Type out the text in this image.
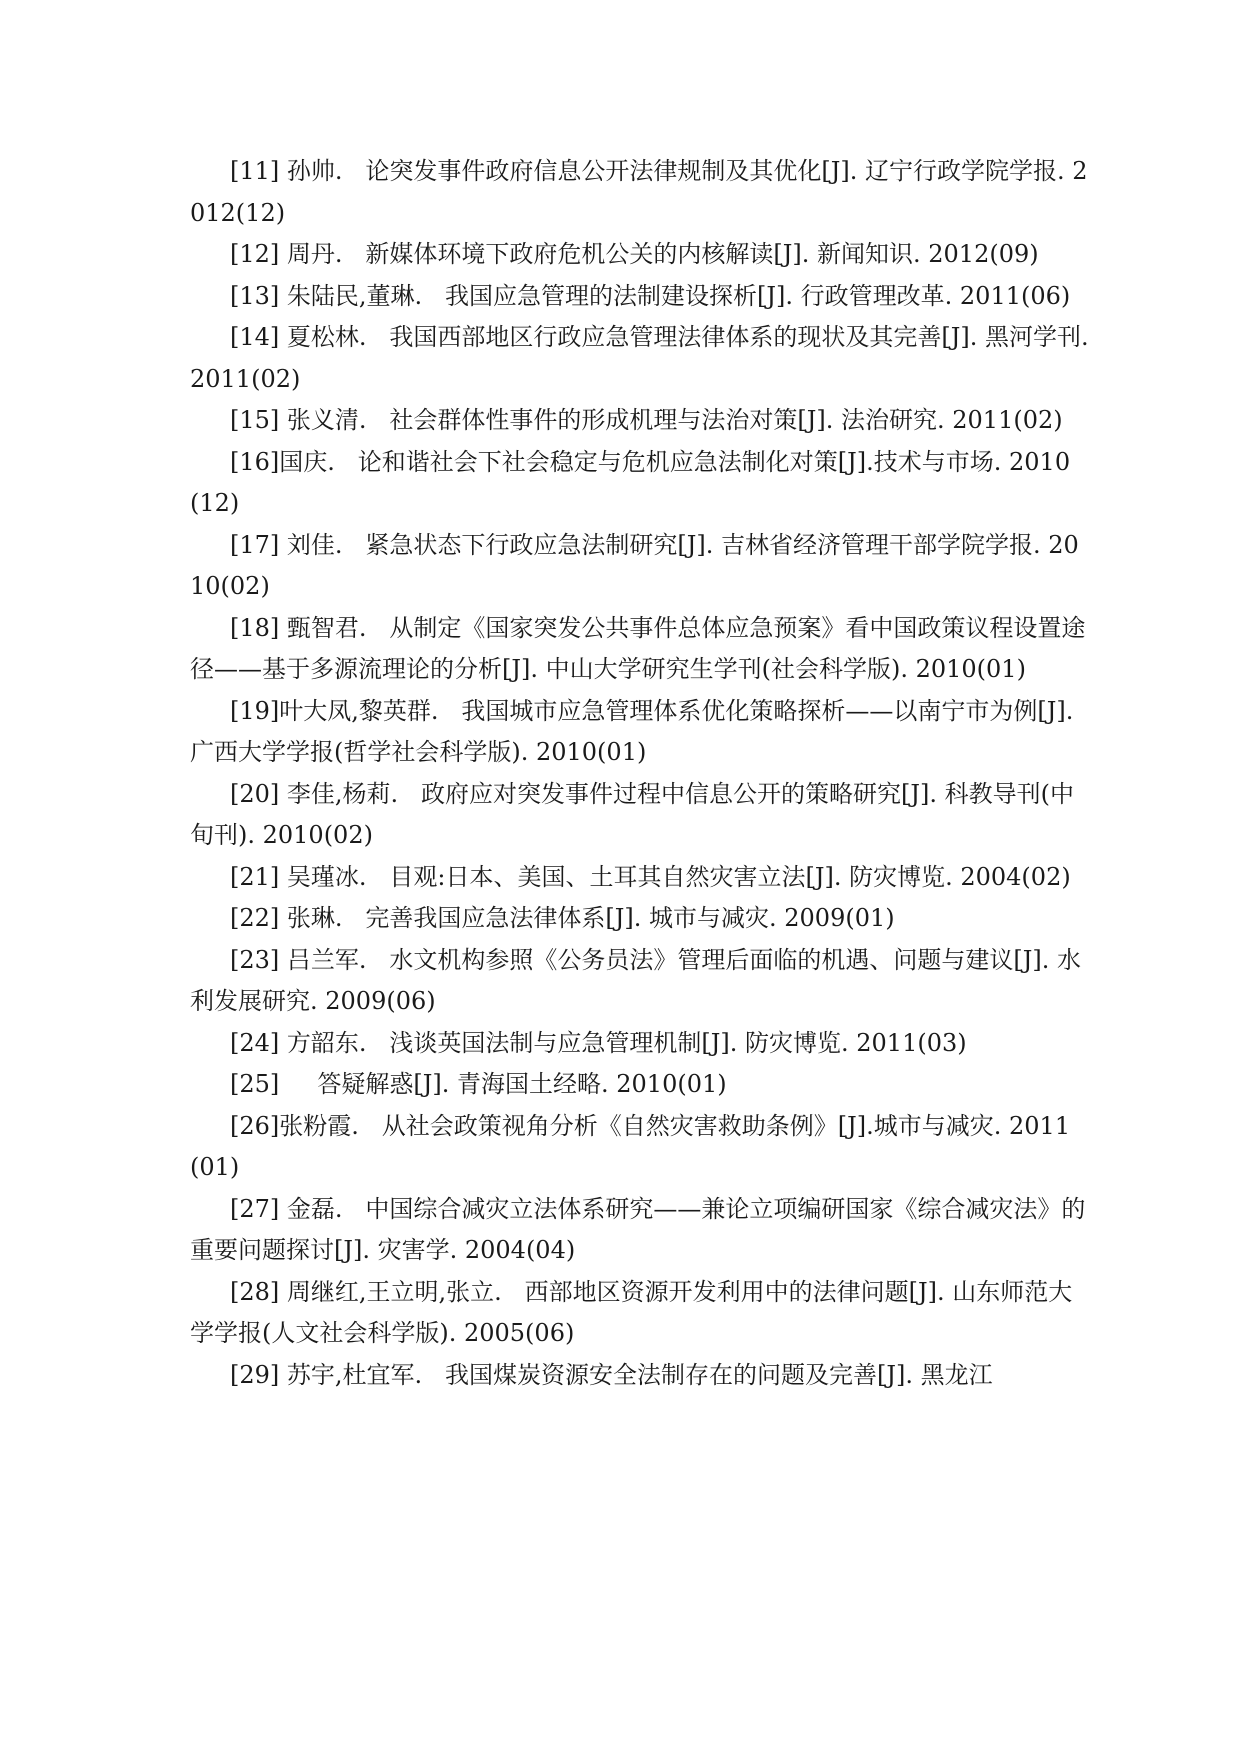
[11] 孙帅.   论突发事件政府信息公开法律规制及其优化[J]. 辽宁行政学院学报. 2012(12)

[12] 周丹.   新媒体环境下政府危机公关的内核解读[J]. 新闻知识. 2012(09)

[13] 朱陆民,董琳.   我国应急管理的法制建设探析[J]. 行政管理改革. 2011(06)

[14] 夏松林.   我国西部地区行政应急管理法律体系的现状及其完善[J]. 黑河学刊. 2011(02)

[15] 张义清.   社会群体性事件的形成机理与法治对策[J]. 法治研究. 2011(02)

[16]国庆.   论和谐社会下社会稳定与危机应急法制化对策[J].技术与市场. 2010(12)

[17] 刘佳.   紧急状态下行政应急法制研究[J]. 吉林省经济管理干部学院学报. 2010(02)

[18] 甄智君.   从制定《国家突发公共事件总体应急预案》看中国政策议程设置途径——基于多源流理论的分析[J]. 中山大学研究生学刊(社会科学版). 2010(01)

[19]叶大凤,黎英群.   我国城市应急管理体系优化策略探析——以南宁市为例[J]. 广西大学学报(哲学社会科学版). 2010(01)

[20] 李佳,杨莉.   政府应对突发事件过程中信息公开的策略研究[J]. 科教导刊(中旬刊). 2010(02)

[21] 吴瑾冰.   目观:日本、美国、土耳其自然灾害立法[J]. 防灾博览. 2004(02)

[22] 张琳.   完善我国应急法律体系[J]. 城市与减灾. 2009(01)

[23] 吕兰军.   水文机构参照《公务员法》管理后面临的机遇、问题与建议[J]. 水利发展研究. 2009(06)

[24] 方韶东.   浅谈英国法制与应急管理机制[J]. 防灾博览. 2011(03)

[25]     答疑解惑[J]. 青海国土经略. 2010(01)

[26]张粉霞.   从社会政策视角分析《自然灾害救助条例》[J].城市与减灾. 2011(01)

[27] 金磊.   中国综合减灾立法体系研究——兼论立项编研国家《综合减灾法》的重要问题探讨[J]. 灾害学. 2004(04)

[28] 周继红,王立明,张立.   西部地区资源开发利用中的法律问题[J]. 山东师范大学学报(人文社会科学版). 2005(06)

[29] 苏宇,杜宜军.   我国煤炭资源安全法制存在的问题及完善[J]. 黑龙江
